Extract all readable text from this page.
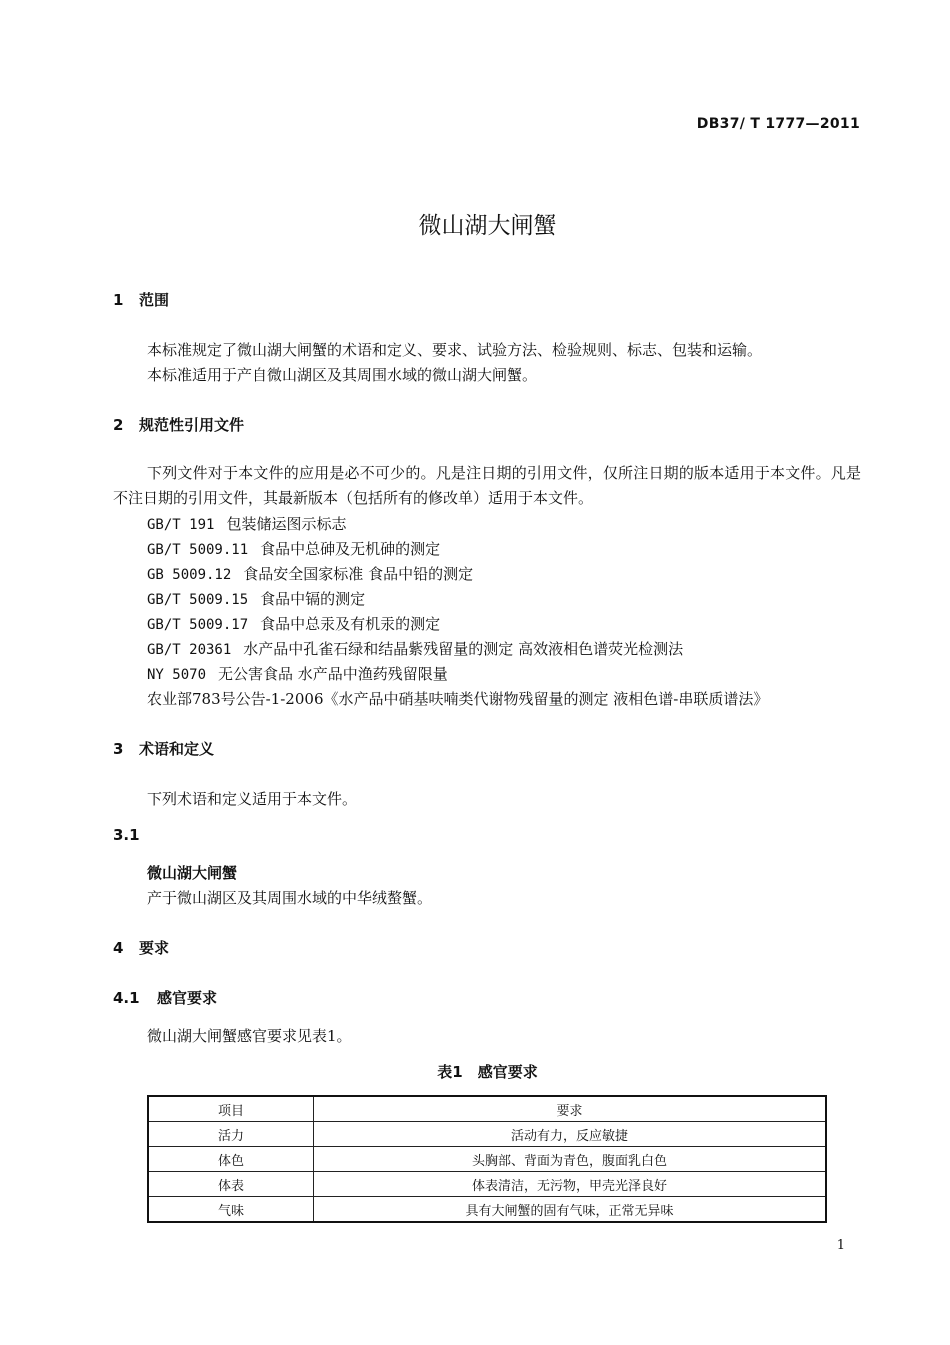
DB37/ T 1777—2011
微山湖大闸蟹
1 范围
本标准规定了微山湖大闸蟹的术语和定义、要求、试验方法、检验规则、标志、包装和运输。
本标准适用于产自微山湖区及其周围水域的微山湖大闸蟹。
2 规范性引用文件
下列文件对于本文件的应用是必不可少的。凡是注日期的引用文件，仅所注日期的版本适用于本文件。凡是不注日期的引用文件，其最新版本（包括所有的修改单）适用于本文件。
GB/T 191 包装储运图示标志
GB/T 5009.11 食品中总砷及无机砷的测定
GB 5009.12 食品安全国家标准 食品中铅的测定
GB/T 5009.15 食品中镉的测定
GB/T 5009.17 食品中总汞及有机汞的测定
GB/T 20361 水产品中孔雀石绿和结晶紫残留量的测定 高效液相色谱荧光检测法
NY 5070 无公害食品 水产品中渔药残留限量
农业部783号公告-1-2006《水产品中硝基呋喃类代谢物残留量的测定 液相色谱-串联质谱法》
3 术语和定义
下列术语和定义适用于本文件。
3.1
微山湖大闸蟹
产于微山湖区及其周围水域的中华绒螯蟹。
4 要求
4.1 感官要求
微山湖大闸蟹感官要求见表1。
表1　感官要求
项目	要求
活力	活动有力，反应敏捷
体色	头胸部、背面为青色，腹面乳白色
体表	体表清洁，无污物，甲壳光泽良好
气味	具有大闸蟹的固有气味，正常无异味
1
